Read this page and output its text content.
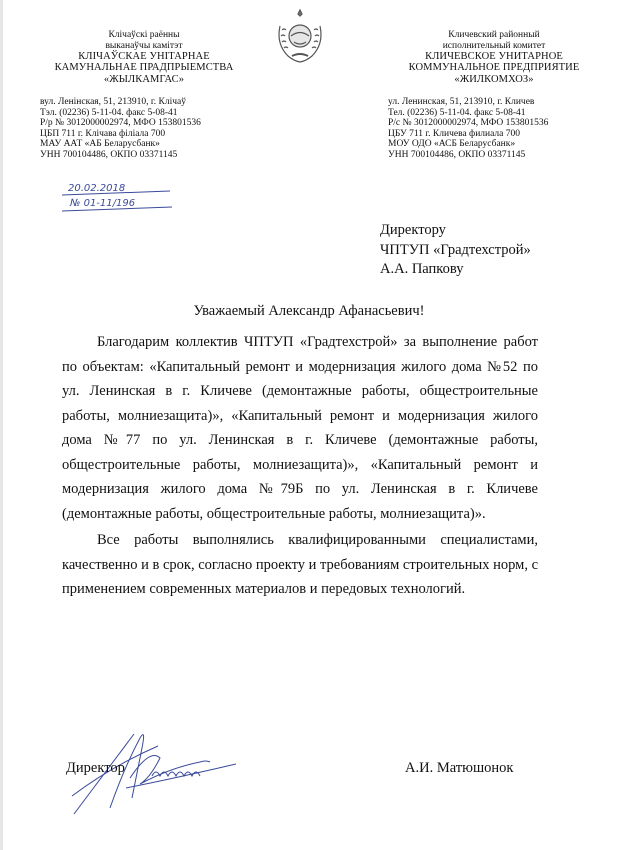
Клічаўскі раённы
выканаўчы камітэт
КЛІЧАЎСКАЕ УНІТАРНАЕ
КАМУНАЛЬНАЕ ПРАДПРЫЕМСТВА
«ЖЫЛКАМГАС»
вул. Ленінская, 51, 213910, г. Клічаў
Тэл. (02236) 5-11-04. факс 5-08-41
Р/р № 3012000002974, МФО 153801536
ЦБП 711 г. Клічава філіала 700
МАУ ААТ «АБ Беларусбанк»
УНН 700104486, ОКПО 03371145
Кличевский районный
исполнительный комитет
КЛИЧЕВСКОЕ УНИТАРНОЕ
КОММУНАЛЬНОЕ ПРЕДПРИЯТИЕ
«ЖИЛКОМХОЗ»
ул. Ленинская, 51, 213910, г. Кличев
Тел. (02236) 5-11-04. факс 5-08-41
Р/с № 3012000002974, МФО 153801536
ЦБУ 711 г. Кличева филиала 700
МОУ ОДО «АСБ Беларусбанк»
УНН 700104486, ОКПО 03371145
20.02.2018
№ 01-11/196
Директору
ЧПТУП «Градтехстрой»
А.А. Папкову
Уважаемый Александр Афанасьевич!

Благодарим коллектив ЧПТУП «Градтехстрой» за выполнение работ по объектам: «Капитальный ремонт и модернизация жилого дома №52 по ул. Ленинская в г. Кличеве (демонтажные работы, общестроительные работы, молниезащита)», «Капитальный ремонт и модернизация жилого дома №77 по ул. Ленинская в г. Кличеве (демонтажные работы, общестроительные работы, молниезащита)», «Капитальный ремонт и модернизация жилого дома №79Б по ул. Ленинская в г. Кличеве (демонтажные работы, общестроительные работы, молниезащита)».

Все работы выполнялись квалифицированными специалистами, качественно и в срок, согласно проекту и требованиям строительных норм, с применением современных материалов и передовых технологий.

Директор	А.И. Матюшонок
